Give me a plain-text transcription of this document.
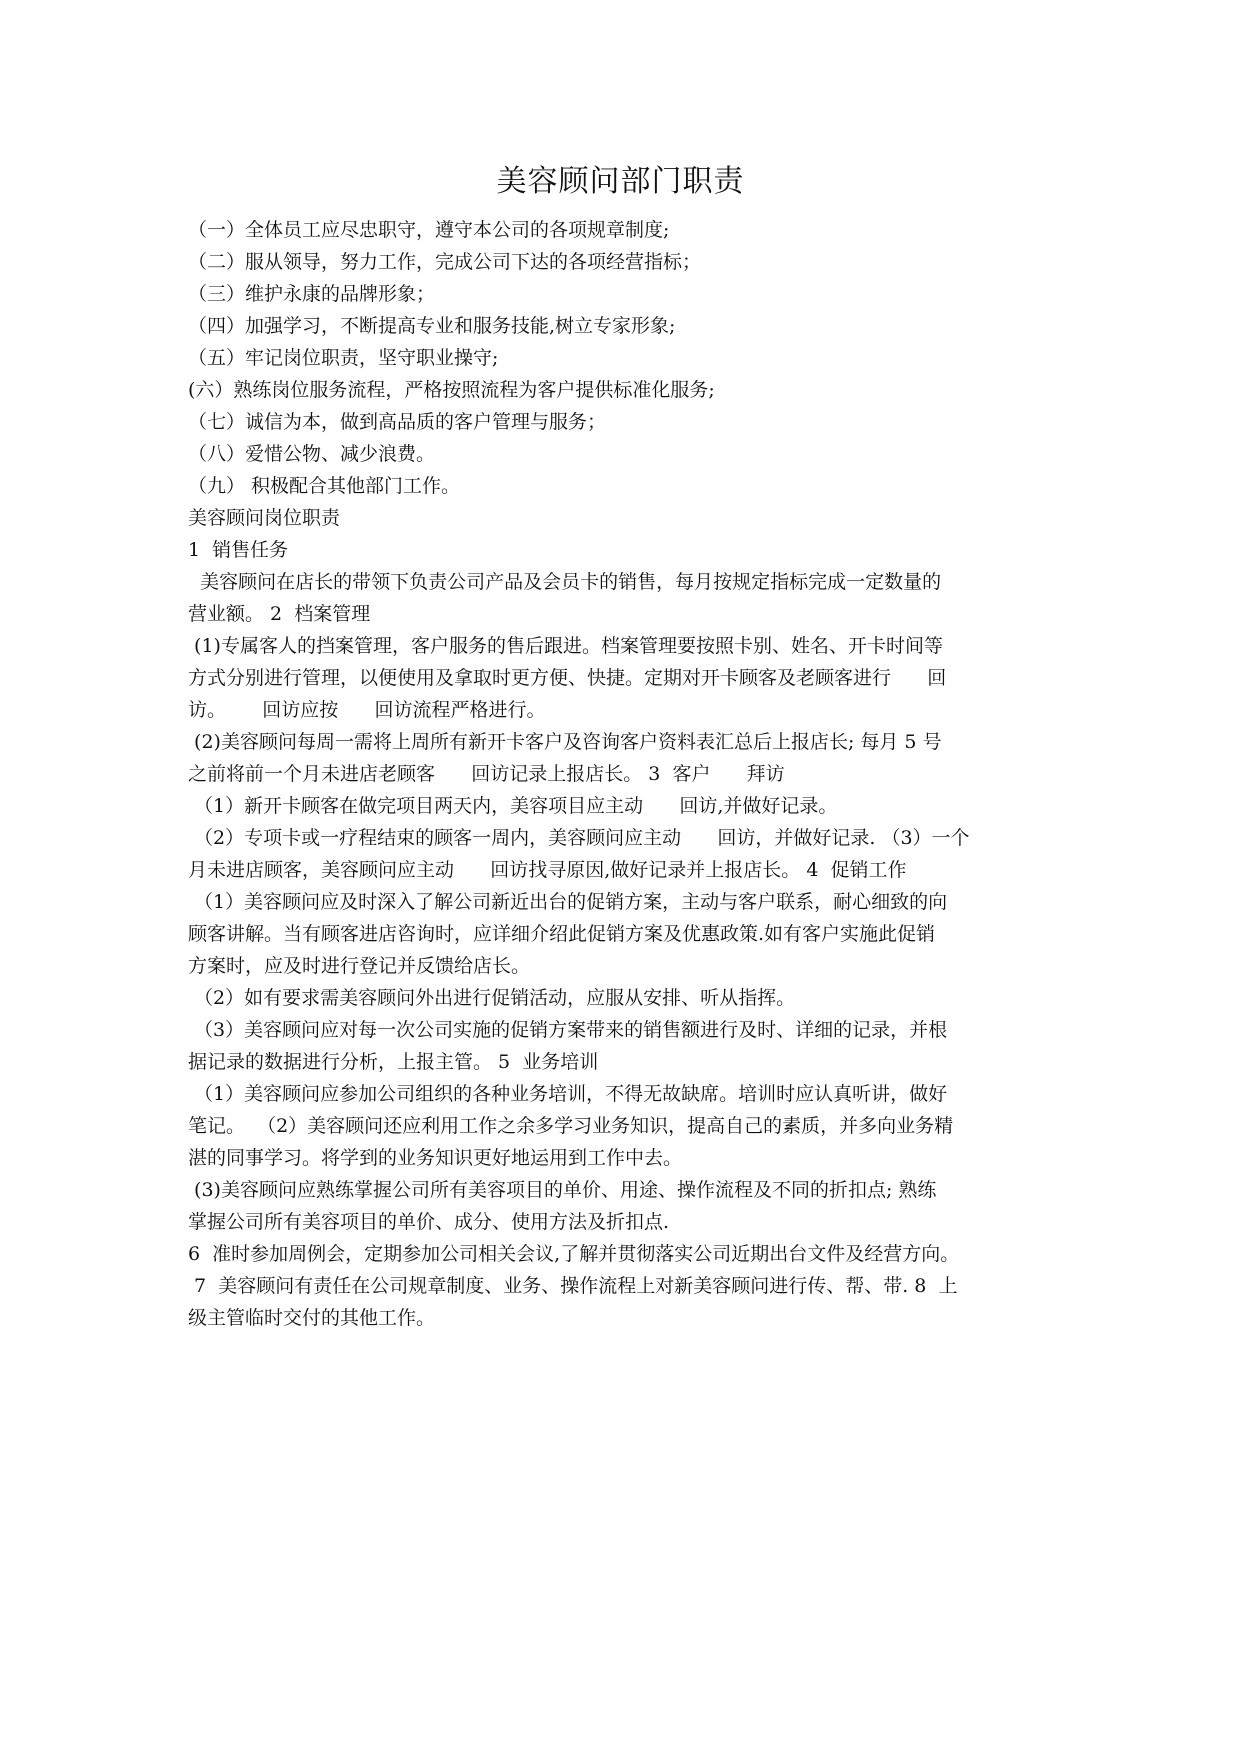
美容顾问部门职责
（一）全体员工应尽忠职守，遵守本公司的各项规章制度;
（二）服从领导，努力工作，完成公司下达的各项经营指标；
（三）维护永康的品牌形象；
（四）加强学习，不断提高专业和服务技能,树立专家形象;
（五）牢记岗位职责，坚守职业操守;
(六）熟练岗位服务流程，严格按照流程为客户提供标准化服务;
（七）诚信为本，做到高品质的客户管理与服务；
（八）爱惜公物、减少浪费。
（九） 积极配合其他部门工作。
美容顾问岗位职责
1  销售任务
美容顾问在店长的带领下负责公司产品及会员卡的销售，每月按规定指标完成一定数量的
营业额。 2  档案管理
(1)专属客人的挡案管理，客户服务的售后跟进。档案管理要按照卡别、姓名、开卡时间等
方式分别进行管理，以便使用及拿取时更方便、快捷。定期对开卡顾客及老顾客进行      回
访。      回访应按      回访流程严格进行。
(2)美容顾问每周一需将上周所有新开卡客户及咨询客户资料表汇总后上报店长; 每月 5 号
之前将前一个月未进店老顾客      回访记录上报店长。 3  客户      拜访
（1）新开卡顾客在做完项目两天内，美容项目应主动      回访,并做好记录。
（2）专项卡或一疗程结束的顾客一周内，美容顾问应主动      回访，并做好记录. （3）一个
月未进店顾客，美容顾问应主动      回访找寻原因,做好记录并上报店长。 4  促销工作
（1）美容顾问应及时深入了解公司新近出台的促销方案，主动与客户联系，耐心细致的向
顾客讲解。当有顾客进店咨询时，应详细介绍此促销方案及优惠政策.如有客户实施此促销
方案时，应及时进行登记并反馈给店长。
（2）如有要求需美容顾问外出进行促销活动，应服从安排、听从指挥。
（3）美容顾问应对每一次公司实施的促销方案带来的销售额进行及时、详细的记录，并根
据记录的数据进行分析，上报主管。 5  业务培训
（1）美容顾问应参加公司组织的各种业务培训，不得无故缺席。培训时应认真听讲，做好
笔记。  （2）美容顾问还应利用工作之余多学习业务知识，提高自己的素质，并多向业务精
湛的同事学习。将学到的业务知识更好地运用到工作中去。
(3)美容顾问应熟练掌握公司所有美容项目的单价、用途、操作流程及不同的折扣点; 熟练
掌握公司所有美容项目的单价、成分、使用方法及折扣点.
6  准时参加周例会，定期参加公司相关会议,了解并贯彻落实公司近期出台文件及经营方向。
7  美容顾问有责任在公司规章制度、业务、操作流程上对新美容顾问进行传、帮、带. 8  上
级主管临时交付的其他工作。
